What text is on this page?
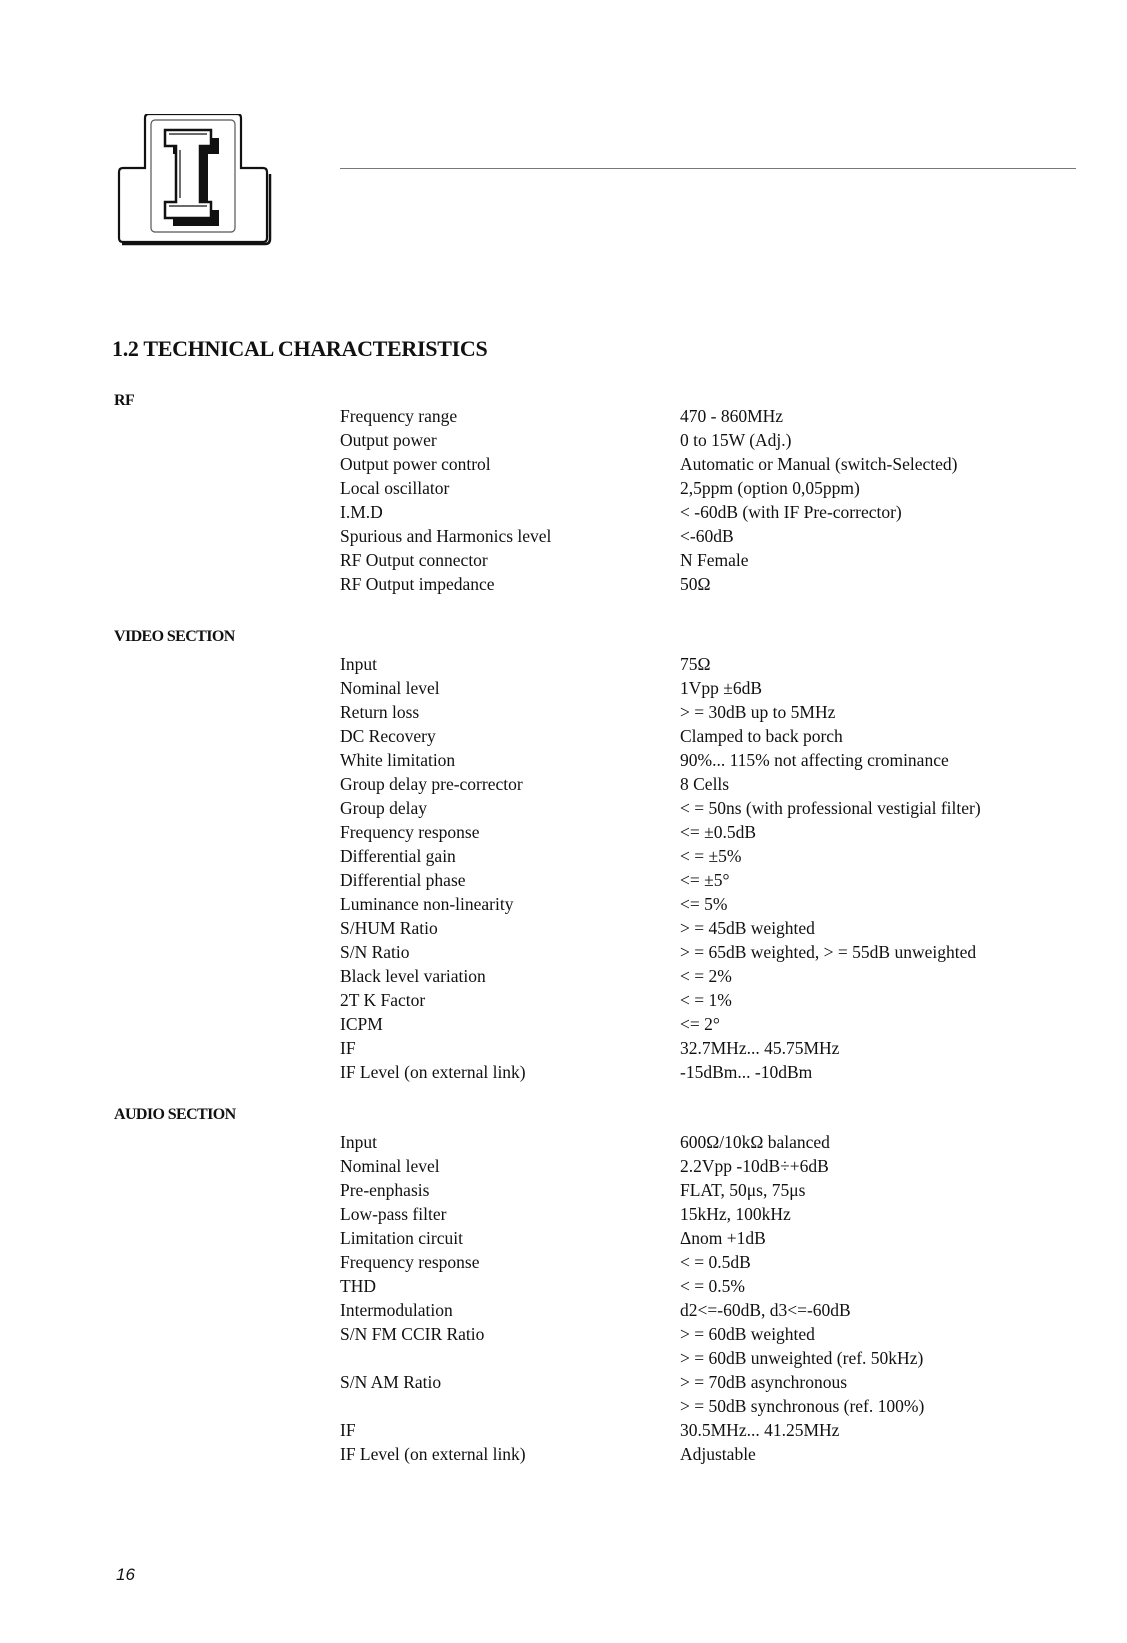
1.2 TECHNICAL CHARACTERISTICS
RF
Frequency range	470 - 860MHz
Output power	0 to 15W (Adj.)
Output power control	Automatic or Manual (switch-Selected)
Local oscillator	2,5ppm (option 0,05ppm)
I.M.D	< -60dB (with IF Pre-corrector)
Spurious and Harmonics level	<-60dB
RF Output connector	N Female
RF Output impedance	50Ω
VIDEO SECTION
Input	75Ω
Nominal level	1Vpp ±6dB
Return loss	> = 30dB up to 5MHz
DC Recovery	Clamped to back porch
White limitation	90%... 115% not affecting crominance
Group delay pre-corrector	8 Cells
Group delay	< = 50ns (with professional vestigial filter)
Frequency response	<= ±0.5dB
Differential gain	< = ±5%
Differential phase	<= ±5°
Luminance non-linearity	<= 5%
S/HUM Ratio	> = 45dB weighted
S/N Ratio	> = 65dB weighted, > = 55dB unweighted
Black level variation	< = 2%
2T K Factor	< = 1%
ICPM	<= 2°
IF	32.7MHz... 45.75MHz
IF Level (on external link)	-15dBm... -10dBm
AUDIO SECTION
Input	600Ω/10kΩ balanced
Nominal level	2.2Vpp -10dB÷+6dB
Pre-enphasis	FLAT, 50μs, 75μs
Low-pass filter	15kHz, 100kHz
Limitation circuit	Δnom +1dB
Frequency response	< = 0.5dB
THD	< = 0.5%
Intermodulation	d2<=-60dB, d3<=-60dB
S/N FM CCIR Ratio	> = 60dB weighted
> = 60dB unweighted (ref. 50kHz)
S/N AM Ratio	> = 70dB asynchronous
> = 50dB synchronous (ref. 100%)
IF	30.5MHz... 41.25MHz
IF Level (on external link)	Adjustable
16
